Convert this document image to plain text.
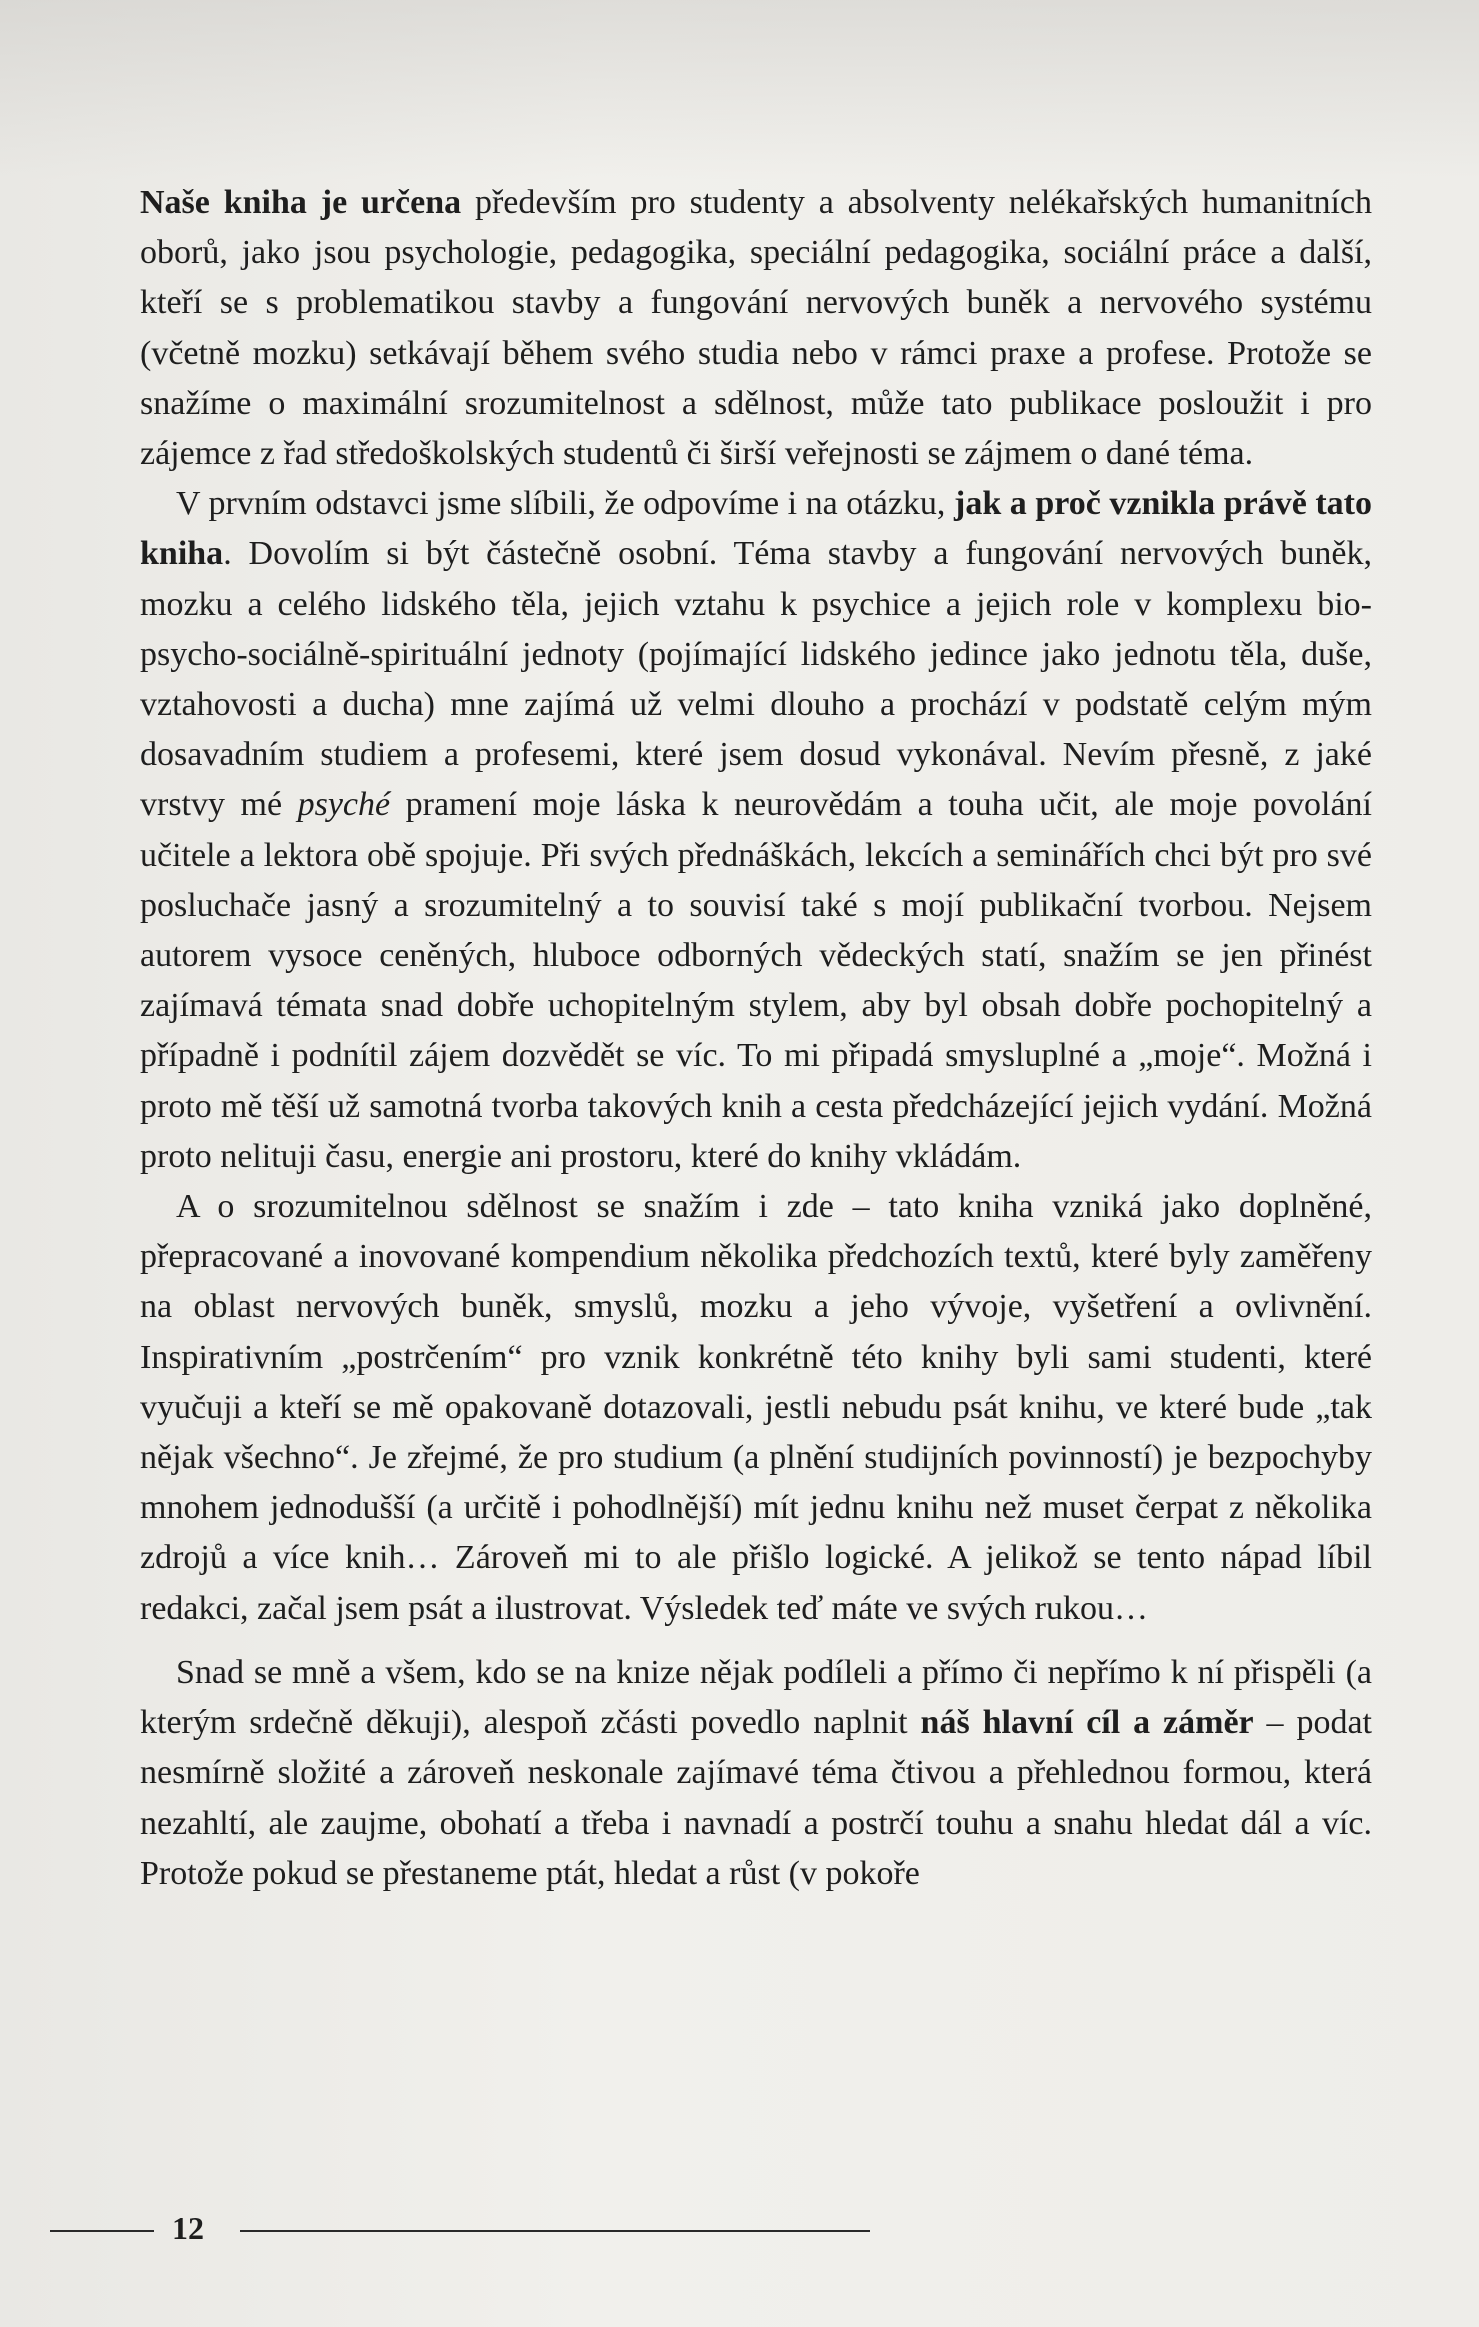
Naše kniha je určena především pro studenty a absolventy nelékařských humanitních oborů, jako jsou psychologie, pedagogika, speciální pedagogika, sociální práce a další, kteří se s problematikou stavby a fungování nervových buněk a nervového systému (včetně mozku) setkávají během svého studia nebo v rámci praxe a profese. Protože se snažíme o maximální srozumitelnost a sdělnost, může tato publikace posloužit i pro zájemce z řad středoškolských studentů či širší veřejnosti se zájmem o dané téma.

V prvním odstavci jsme slíbili, že odpovíme i na otázku, jak a proč vznikla právě tato kniha. Dovolím si být částečně osobní. Téma stavby a fungování nervových buněk, mozku a celého lidského těla, jejich vztahu k psychice a jejich role v komplexu bio-psycho-sociálně-spirituální jednoty (pojímající lidského jedince jako jednotu těla, duše, vztahovosti a ducha) mne zajímá už velmi dlouho a prochází v podstatě celým mým dosavadním studiem a profesemi, které jsem dosud vykonával. Nevím přesně, z jaké vrstvy mé psyché pramení moje láska k neurovědám a touha učit, ale moje povolání učitele a lektora obě spojuje. Při svých přednáškách, lekcích a seminářích chci být pro své posluchače jasný a srozumitelný a to souvisí také s mojí publikační tvorbou. Nejsem autorem vysoce ceněných, hluboce odborných vědeckých statí, snažím se jen přinést zajímavá témata snad dobře uchopitelným stylem, aby byl obsah dobře pochopitelný a případně i podnítil zájem dozvědět se víc. To mi připadá smysluplné a „moje“. Možná i proto mě těší už samotná tvorba takových knih a cesta předcházející jejich vydání. Možná proto nelituji času, energie ani prostoru, které do knihy vkládám.

A o srozumitelnou sdělnost se snažím i zde – tato kniha vzniká jako doplněné, přepracované a inovované kompendium několika předchozích textů, které byly zaměřeny na oblast nervových buněk, smyslů, mozku a jeho vývoje, vyšetření a ovlivnění. Inspirativním „postrčením“ pro vznik konkrétně této knihy byli sami studenti, které vyučuji a kteří se mě opakovaně dotazovali, jestli nebudu psát knihu, ve které bude „tak nějak všechno“. Je zřejmé, že pro studium (a plnění studijních povinností) je bezpochyby mnohem jednodušší (a určitě i pohodlnější) mít jednu knihu než muset čerpat z několika zdrojů a více knih… Zároveň mi to ale přišlo logické. A jelikož se tento nápad líbil redakci, začal jsem psát a ilustrovat. Výsledek teď máte ve svých rukou…

Snad se mně a všem, kdo se na knize nějak podíleli a přímo či nepřímo k ní přispěli (a kterým srdečně děkuji), alespoň zčásti povedlo naplnit náš hlavní cíl a záměr – podat nesmírně složité a zároveň neskonale zajímavé téma čtivou a přehlednou formou, která nezahltí, ale zaujme, obohatí a třeba i navnadí a postrčí touhu a snahu hledat dál a víc. Protože pokud se přestaneme ptát, hledat a růst (v pokoře

12
